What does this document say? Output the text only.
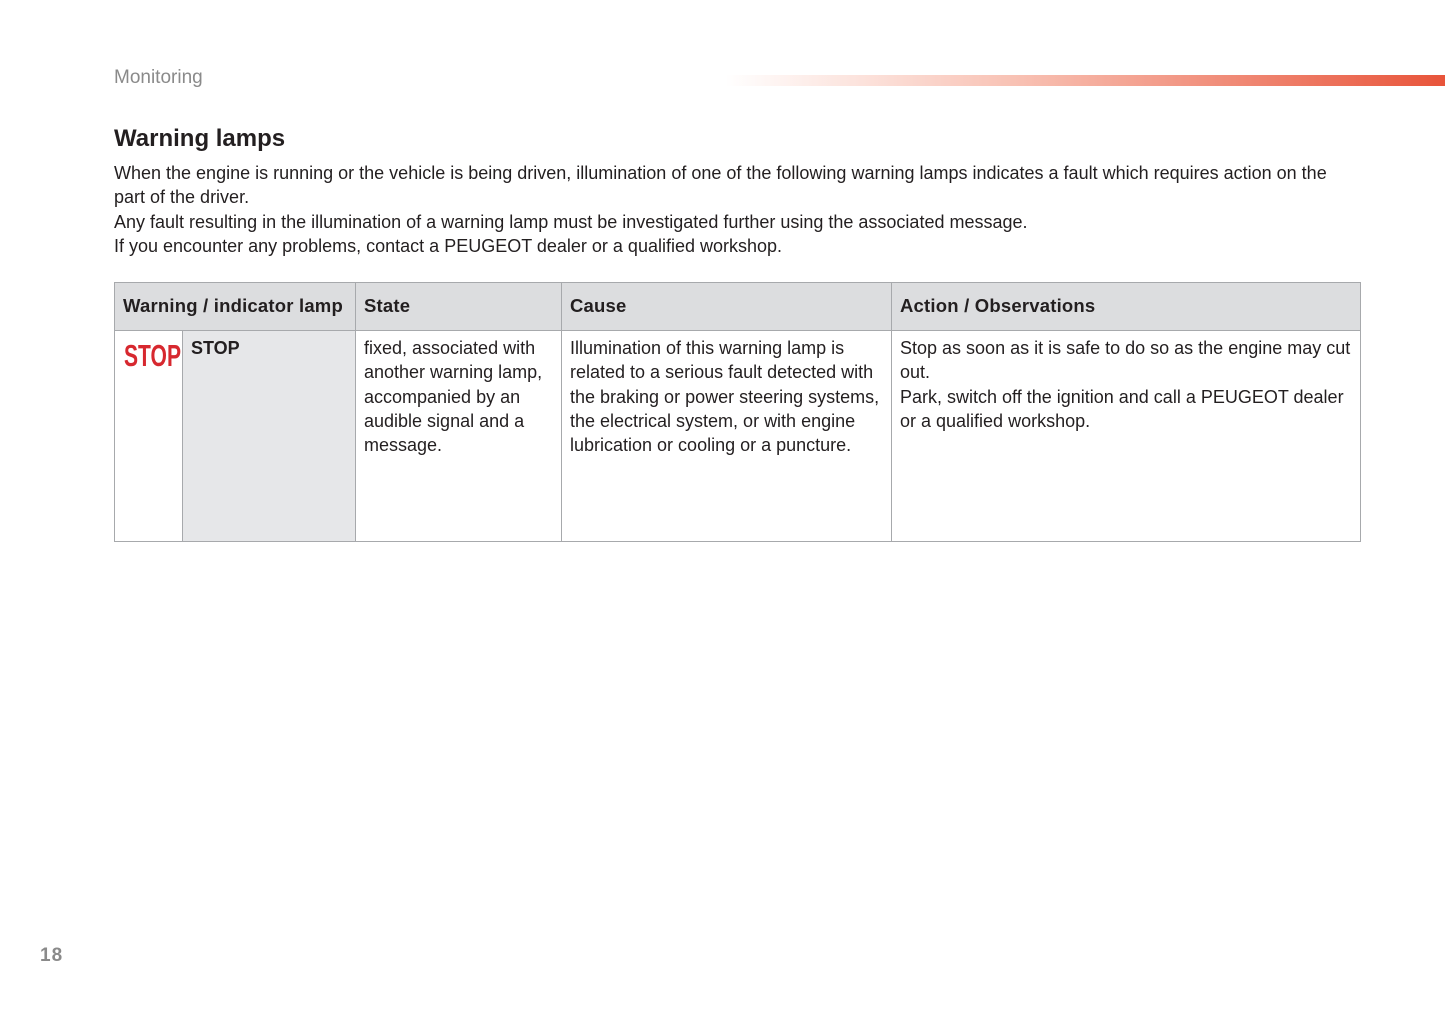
Monitoring
Warning lamps

When the engine is running or the vehicle is being driven, illumination of one of the following warning lamps indicates a fault which requires action on the part of the driver.

Any fault resulting in the illumination of a warning lamp must be investigated further using the associated message.

If you encounter any problems, contact a PEUGEOT dealer or a qualified workshop.

Warning / indicator lamp		State	Cause	Action / Observations

STOP	STOP	fixed, associated with another warning lamp, accompanied by an audible signal and a message.	Illumination of this warning lamp is related to a serious fault detected with the braking or power steering systems, the electrical system, or with engine lubrication or cooling or a puncture.	Stop as soon as it is safe to do so as the engine may cut out.
Park, switch off the ignition and call a PEUGEOT dealer or a qualified workshop.
18
